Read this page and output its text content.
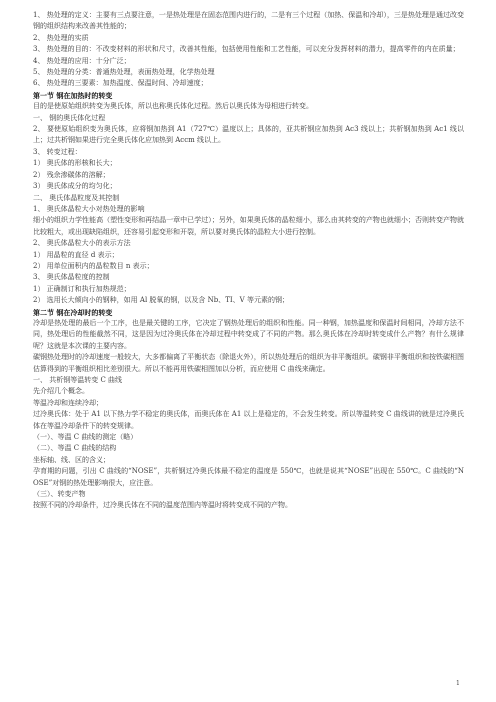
1、 热处理的定义：主要有三点要注意，一是热处理是在固态范围内进行的，二是有三个过程（加热、保温和冷却），三是热处理是通过改变钢的组织结构来改善其性能的；

2、 热处理的实质

3、 热处理的目的：不改变材料的形状和尺寸，改善其性能，包括使用性能和工艺性能，可以充分发挥材料的潜力，提高零件的内在质量；

4、 热处理的应用：十分广泛；

5、 热处理的分类：普通热处理，表面热处理，化学热处理

6、 热处理的三要素：加热温度、保温时间、冷却速度；

第一节 钢在加热时的转变

目的是使原始组织转变为奥氏体，所以也称奥氏体化过程。然后以奥氏体为母相进行转变。

一、 钢的奥氏体化过程

2、 要使原始组织变为奥氏体，应将钢加热到 A1（727℃）温度以上；具体的，亚共析钢应加热到 Ac3 线以上；共析钢加热到 Ac1 线以上；过共析钢如果进行完全奥氏体化应加热到 Accm 线以上。

3、 转变过程：

1） 奥氏体的形核和长大；

2） 残余渗碳体的溶解；

3） 奥氏体成分的均匀化；

二、 奥氏体晶粒度及其控制

1、 奥氏体晶粒大小对热处理的影响

细小的组织力学性能高（塑性变形和再结晶一章中已学过）；另外，如果奥氏体的晶粒细小，那么由其转变的产物也就细小；否则转变产物就比较粗大，或出现缺陷组织，还容易引起变形和开裂，所以要对奥氏体的晶粒大小进行控制。

2、 奥氏体晶粒大小的表示方法

1） 用晶粒的直径 d 表示；

2） 用单位面积内的晶粒数目 n 表示；

3、 奥氏体晶粒度的控制

1） 正确制订和执行加热规范；

2） 选用长大倾向小的钢种，如用 Al 脱氧的钢，以及含 Nb、TI、V 等元素的钢；

第二节 钢在冷却时的转变

冷却是热处理的最后一个工序，也是最关键的工序，它决定了钢热处理后的组织和性能。同一种钢，加热温度和保温时间相同，冷却方法不同，热处理后的性能截然不同，这是因为过冷奥氏体在冷却过程中转变成了不同的产物。那么奥氏体在冷却时转变成什么产物？有什么规律呢？这就是本次课的主要内容。

碳钢热处理时的冷却速度一般较大，大多都偏离了平衡状态（除退火外），所以热处理后的组织为非平衡组织。碳钢非平衡组织和按铁碳相图估算得到的平衡组织相比差别很大。所以不能再用铁碳相图加以分析，而应使用 C 曲线来确定。

一、 共析钢等温转变 C 曲线

先介绍几个概念。

等温冷却和连续冷却；

过冷奥氏体：处于 A1 以下热力学不稳定的奥氏体，而奥氏体在 A1 以上是稳定的，不会发生转变。所以等温转变 C 曲线讲的就是过冷奥氏体在等温冷却条件下的转变规律。

（一）、等温 C 曲线的测定（略）

（二）、等温 C 曲线的结构

坐标轴、线、区的含义；

孕育期的问题，引出 C 曲线的“NOSE”，共析钢过冷奥氏体最不稳定的温度是 550℃，也就是说其“NOSE”出现在 550℃。C 曲线的“NOSE”对钢的热处理影响很大，应注意。

（三）、转变产物

按照不同的冷却条件，过冷奥氏体在不同的温度范围内等温时将转变成不同的产物。

1
